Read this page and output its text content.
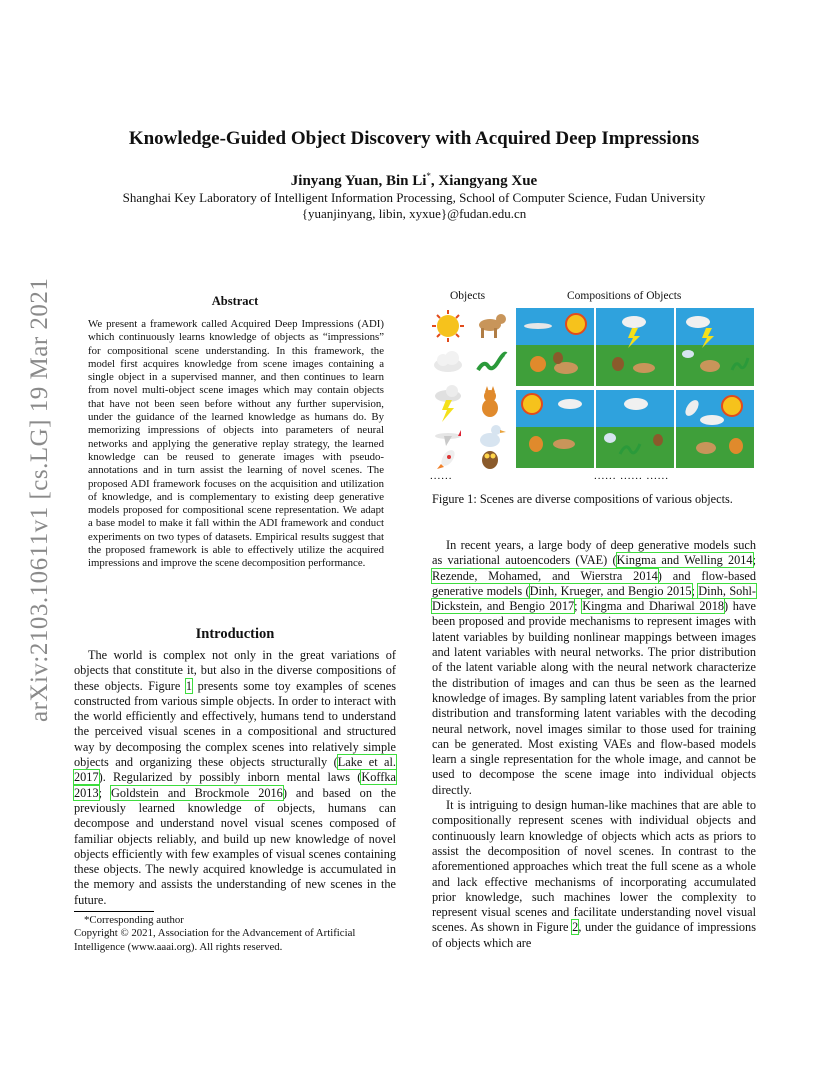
Knowledge-Guided Object Discovery with Acquired Deep Impressions
Jinyang Yuan, Bin Li*, Xiangyang Xue
Shanghai Key Laboratory of Intelligent Information Processing, School of Computer Science, Fudan University
{yuanjinyang, libin, xyxue}@fudan.edu.cn
arXiv:2103.10611v1 [cs.LG] 19 Mar 2021	Abstract
We present a framework called Acquired Deep Impressions (ADI) which continuously learns knowledge of objects as “impressions” for compositional scene understanding. In this framework, the model first acquires knowledge from scene images containing a single object in a supervised manner, and then continues to learn from novel multi-object scene images which may contain objects that have not been seen before without any further supervision, under the guidance of the learned knowledge as humans do. By memorizing impressions of objects into parameters of neural networks and applying the generative replay strategy, the learned knowledge can be reused to generate images with pseudo-annotations and in turn assist the learning of novel scenes. The proposed ADI framework focuses on the acquisition and utilization of knowledge, and is complementary to existing deep generative models proposed for compositional scene representation. We adapt a base model to make it fall within the ADI framework and conduct experiments on two types of datasets. Empirical results suggest that the proposed framework is able to effectively utilize the acquired impressions and improve the scene decomposition performance.
Introduction

The world is complex not only in the great variations of objects that constitute it, but also in the diverse compositions of these objects. Figure 1 presents some toy examples of scenes constructed from various simple objects. In order to interact with the world efficiently and effectively, humans tend to understand the perceived visual scenes in a compositional and structured way by decomposing the complex scenes into relatively simple objects and organizing these objects structurally (Lake et al. 2017). Regularized by possibly inborn mental laws (Koffka 2013; Goldstein and Brockmole 2016) and based on the previously learned knowledge of objects, humans can decompose and understand novel visual scenes composed of familiar objects reliably, and build up new knowledge of novel objects efficiently with few examples of visual scenes containing these objects. The newly acquired knowledge is accumulated in the memory and assists the understanding of new scenes in the future.

*Corresponding author
Copyright © 2021, Association for the Advancement of Artificial Intelligence (www.aaai.org). All rights reserved.
Objects	Compositions of Objects
......	...... ...... ......
Figure 1: Scenes are diverse compositions of various objects.

In recent years, a large body of deep generative models such as variational autoencoders (VAE) (Kingma and Welling 2014; Rezende, Mohamed, and Wierstra 2014) and flow-based generative models (Dinh, Krueger, and Bengio 2015; Dinh, Sohl-Dickstein, and Bengio 2017; Kingma and Dhariwal 2018) have been proposed and provide mechanisms to represent images with latent variables by building nonlinear mappings between images and latent variables with neural networks. The prior distribution of the latent variable along with the neural network characterize the distribution of images and can thus be seen as the learned knowledge of images. By sampling latent variables from the prior distribution and transforming latent variables with the decoding neural network, novel images similar to those used for training can be generated. Most existing VAEs and flow-based models learn a single representation for the whole image, and cannot be used to decompose the scene image into individual objects directly.

It is intriguing to design human-like machines that are able to compositionally represent scenes with individual objects and continuously learn knowledge of objects which acts as priors to assist the decomposition of novel scenes. In contrast to the aforementioned approaches which treat the full scene as a whole and lack effective mechanisms of incorporating accumulated prior knowledge, such machines lower the complexity to represent visual scenes and facilitate understanding novel visual scenes. As shown in Figure 2, under the guidance of impressions of objects which are
